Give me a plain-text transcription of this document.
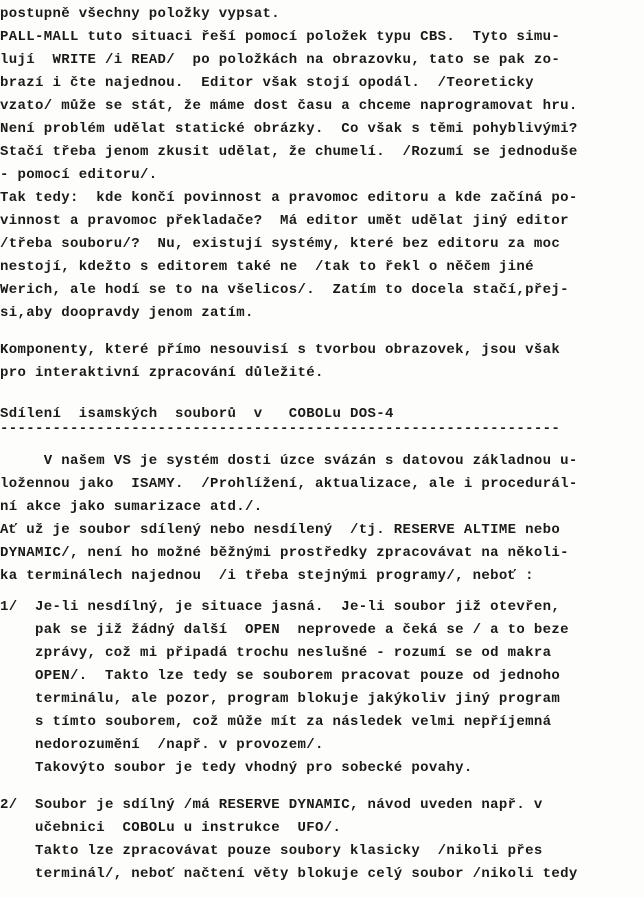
postupně všechny položky vypsat.
PALL-MALL tuto situaci řeší pomocí položek typu CBS.  Tyto simu-
lují  WRITE /i READ/  po položkách na obrazovku, tato se pak zo-
brazí i čte najednou.  Editor však stojí opodál.  /Teoreticky
vzato/ může se stát, že máme dost času a chceme naprogramovat hru.
Není problém udělat statické obrázky.  Co však s těmi pohyblivými?
Stačí třeba jenom zkusit udělat, že chumelí.  /Rozumí se jednoduše
- pomocí editoru/.
Tak tedy:  kde končí povinnost a pravomoc editoru a kde začíná po-
vinnost a pravomoc překladače?  Má editor umět udělat jiný editor
/třeba souboru/?  Nu, existují systémy, které bez editoru za moc
nestojí, kdežto s editorem také ne  /tak to řekl o něčem jiné
Werich, ale hodí se to na všelicos/.  Zatím to docela stačí,přej-
si,aby doopravdy jenom zatím.
Komponenty, které přímo nesouvisí s tvorbou obrazovek, jsou však
pro interaktivní zpracování důležité.
Sdílení  isamských  souborů  v   COBOLu DOS-4
----------------------------------------------------------------
V našem VS je systém dosti úzce svázán s datovou základnou u-
ložennou jako  ISAMY.  /Prohlížení, aktualizace, ale i procedurál-
ní akce jako sumarizace atd./.
Ať už je soubor sdílený nebo nesdílený  /tj. RESERVE ALTIME nebo
DYNAMIC/, není ho možné běžnými prostředky zpracovávat na několi-
ka terminálech najednou  /i třeba stejnými programy/, neboť :
1/  Je-li nesdílný, je situace jasná.  Je-li soubor již otevřen,
pak se již žádný další  OPEN  neprovede a čeká se / a to beze
zprávy, což mi připadá trochu neslušné - rozumí se od makra
OPEN/.  Takto lze tedy se souborem pracovat pouze od jednoho
terminálu, ale pozor, program blokuje jakýkoliv jiný program
s tímto souborem, což může mít za následek velmi nepříjemná
nedorozumění  /např. v provozem/.
Takovýto soubor je tedy vhodný pro sobecké povahy.
2/  Soubor je sdílný /má RESERVE DYNAMIC, návod uveden např. v
učebnici  COBOLu u instrukce  UFO/.
Takto lze zpracovávat pouze soubory klasicky  /nikoli přes
terminál/, neboť načtení věty blokuje celý soubor /nikoli tedy
